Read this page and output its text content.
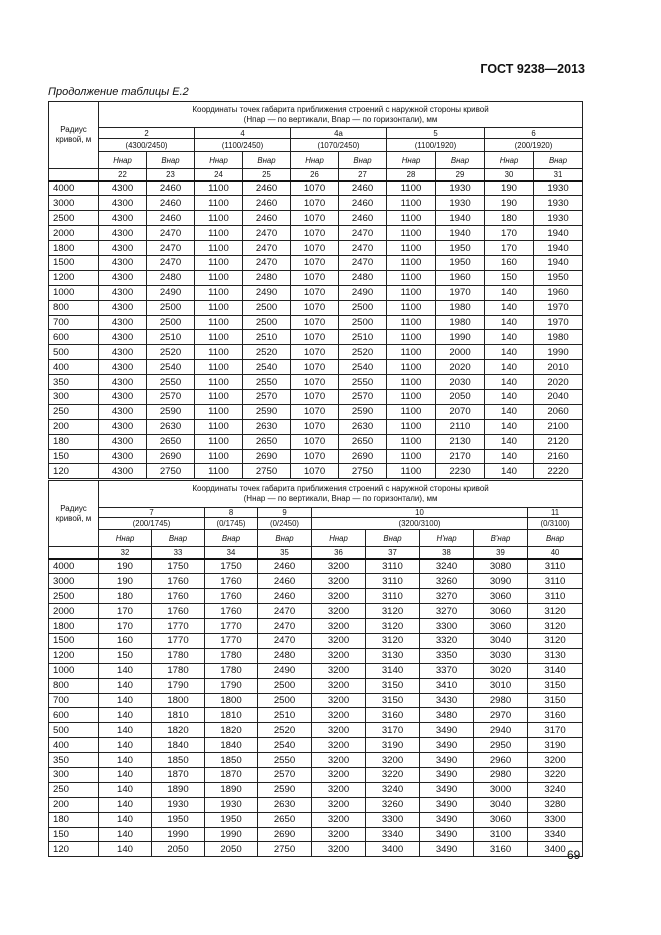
ГОСТ 9238—2013
Продолжение таблицы Е.2
Радиус кривой, м	Координаты точек габарита приближения строений с наружной стороны кривой
(Нпар — по вертикали, Впар — по горизонтали), мм									

	2		4		4а		5		6	
	(4300/2450)		(1100/2450)		(1070/2450)		(1100/1920)		(200/1920)	
	Hнар	Bнар	Hнар	Bнар	Hнар	Bнар	Hнар	Bнар	Hнар	Bнар
	22	23	24	25	26	27	28	29	30	31
4000	4300	2460	1100	2460	1070	2460	1100	1930	190	1930
3000	4300	2460	1100	2460	1070	2460	1100	1930	190	1930
2500	4300	2460	1100	2460	1070	2460	1100	1940	180	1930
2000	4300	2470	1100	2470	1070	2470	1100	1940	170	1940
1800	4300	2470	1100	2470	1070	2470	1100	1950	170	1940
1500	4300	2470	1100	2470	1070	2470	1100	1950	160	1940
1200	4300	2480	1100	2480	1070	2480	1100	1960	150	1950
1000	4300	2490	1100	2490	1070	2490	1100	1970	140	1960
800	4300	2500	1100	2500	1070	2500	1100	1980	140	1970
700	4300	2500	1100	2500	1070	2500	1100	1980	140	1970
600	4300	2510	1100	2510	1070	2510	1100	1990	140	1980
500	4300	2520	1100	2520	1070	2520	1100	2000	140	1990
400	4300	2540	1100	2540	1070	2540	1100	2020	140	2010
350	4300	2550	1100	2550	1070	2550	1100	2030	140	2020
300	4300	2570	1100	2570	1070	2570	1100	2050	140	2040
250	4300	2590	1100	2590	1070	2590	1100	2070	140	2060
200	4300	2630	1100	2630	1070	2630	1100	2110	140	2100
180	4300	2650	1100	2650	1070	2650	1100	2130	140	2120
150	4300	2690	1100	2690	1070	2690	1100	2170	140	2160
120	4300	2750	1100	2750	1070	2750	1100	2230	140	2220
Радиус кривой, м	Координаты точек габарита приближения строений с наружной стороны кривой
(Ннар — по вертикали, Внар — по горизонтали), мм								

	7		8	9	10				11
	(200/1745)		(0/1745)	(0/2450)	(3200/3100)				(0/3100)
	Hнар	Bнар	Bнар	Bнар	Hнар	Bнар	H'нар	B'нар	Bнар
	32	33	34	35	36	37	38	39	40
4000	190	1750	1750	2460	3200	3110	3240	3080	3110
3000	190	1760	1760	2460	3200	3110	3260	3090	3110
2500	180	1760	1760	2460	3200	3110	3270	3060	3110
2000	170	1760	1760	2470	3200	3120	3270	3060	3120
1800	170	1770	1770	2470	3200	3120	3300	3060	3120
1500	160	1770	1770	2470	3200	3120	3320	3040	3120
1200	150	1780	1780	2480	3200	3130	3350	3030	3130
1000	140	1780	1780	2490	3200	3140	3370	3020	3140
800	140	1790	1790	2500	3200	3150	3410	3010	3150
700	140	1800	1800	2500	3200	3150	3430	2980	3150
600	140	1810	1810	2510	3200	3160	3480	2970	3160
500	140	1820	1820	2520	3200	3170	3490	2940	3170
400	140	1840	1840	2540	3200	3190	3490	2950	3190
350	140	1850	1850	2550	3200	3200	3490	2960	3200
300	140	1870	1870	2570	3200	3220	3490	2980	3220
250	140	1890	1890	2590	3200	3240	3490	3000	3240
200	140	1930	1930	2630	3200	3260	3490	3040	3280
180	140	1950	1950	2650	3200	3300	3490	3060	3300
150	140	1990	1990	2690	3200	3340	3490	3100	3340
120	140	2050	2050	2750	3200	3400	3490	3160	3400 69
